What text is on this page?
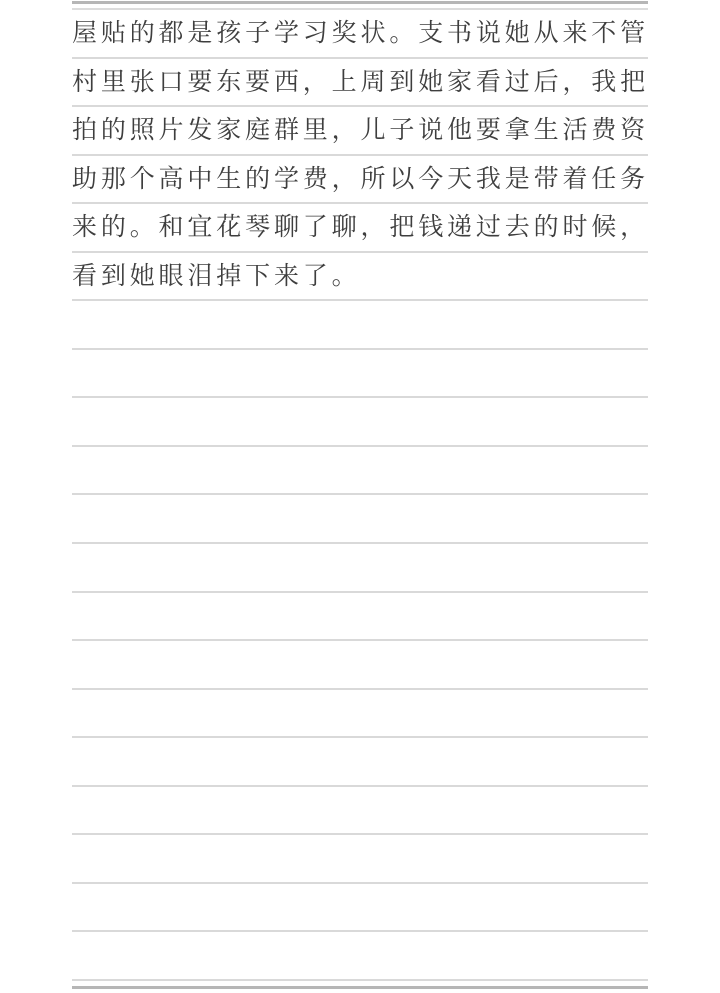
屋贴的都是孩子学习奖状。支书说她从来不管
村里张口要东要西，上周到她家看过后，我把
拍的照片发家庭群里，儿子说他要拿生活费资
助那个高中生的学费，所以今天我是带着任务
来的。和宜花琴聊了聊，把钱递过去的时候，
看到她眼泪掉下来了。
